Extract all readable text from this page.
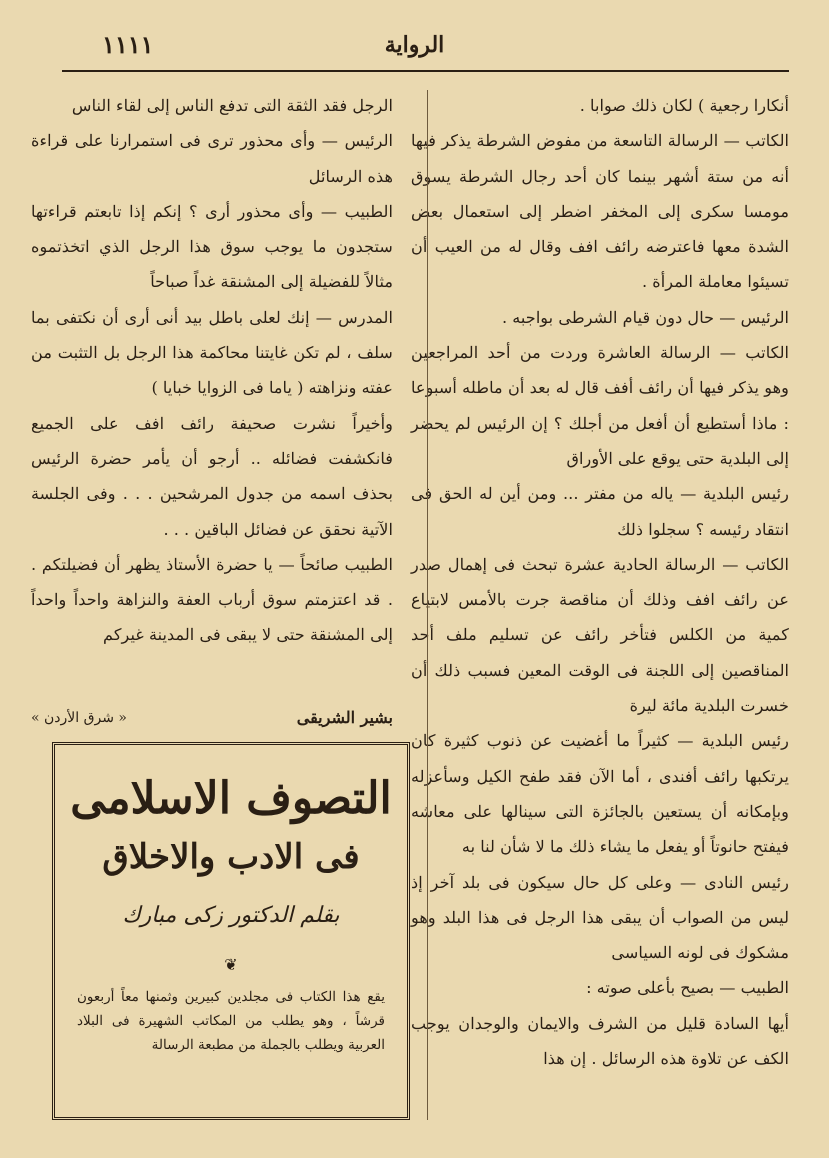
الرواية
١١١١

أنكارا رجعية ) لكان ذلك صوابا .

الكاتب — الرسالة التاسعة من مفوض الشرطة يذكر فيها أنه من ستة أشهر بينما كان أحد رجال الشرطة يسوق مومسا سكرى إلى المخفر اضطر إلى استعمال بعض الشدة معها فاعترضه رائف افف وقال له من العيب أن تسيئوا معاملة المرأة .

الرئيس — حال دون قيام الشرطى بواجبه .

الكاتب — الرسالة العاشرة وردت من أحد المراجعين وهو يذكر فيها أن رائف أفف قال له بعد أن ماطله أسبوعا : ماذا أستطيع أن أفعل من أجلك ؟ إن الرئيس لم يحضر إلى البلدية حتى يوقع على الأوراق

رئيس البلدية — ياله من مفتر ... ومن أين له الحق فى انتقاد رئيسه ؟ سجلوا ذلك

الكاتب — الرسالة الحادية عشرة تبحث فى إهمال صدر عن رائف افف وذلك أن مناقصة جرت بالأمس لابتياع كمية من الكلس فتأخر رائف عن تسليم ملف أحد المناقصين إلى اللجنة فى الوقت المعين فسبب ذلك أن خسرت البلدية مائة ليرة

رئيس البلدية — كثيراً ما أغضيت عن ذنوب كثيرة كان يرتكبها رائف أفندى ، أما الآن فقد طفح الكيل وسأعزله وبإمكانه أن يستعين بالجائزة التى سينالها على معاشه فيفتح حانوتاً أو يفعل ما يشاء ذلك ما لا شأن لنا به

رئيس النادى — وعلى كل حال سيكون فى بلد آخر إذ ليس من الصواب أن يبقى هذا الرجل فى هذا البلد وهو مشكوك فى لونه السياسى

الطبيب — بصيح بأعلى صوته :

أيها السادة قليل من الشرف والايمان والوجدان يوجب الكف عن تلاوة هذه الرسائل . إن هذا

الرجل فقد الثقة التى تدفع الناس إلى لقاء الناس

الرئيس — وأى محذور ترى فى استمرارنا على قراءة هذه الرسائل

الطبيب — وأى محذور أرى ؟ إنكم إذا تابعتم قراءتها ستجدون ما يوجب سوق هذا الرجل الذي اتخذتموه مثالاً للفضيلة إلى المشنقة غداً صباحاً

المدرس — إنك لعلى باطل بيد أنى أرى أن نكتفى بما سلف ، لم تكن غايتنا محاكمة هذا الرجل بل التثبت من عفته ونزاهته ( ياما فى الزوايا خبايا )

وأخيراً نشرت صحيفة رائف افف على الجميع فانكشفت فضائله .. أرجو أن يأمر حضرة الرئيس بحذف اسمه من جدول المرشحين . . . وفى الجلسة الآتية نحقق عن فضائل الباقين . . .

الطبيب صائحاً — يا حضرة الأستاذ يظهر أن فضيلتكم . . قد اعتزمتم سوق أرباب العفة والنزاهة واحداً واحداً إلى المشنقة حتى لا يبقى فى المدينة غيركم

بشير الشريقى
« شرق الأردن »
التصوف الاسلامى
فى الادب والاخلاق
بقلم الدكتور زكى مبارك
❦
يقع هذا الكتاب فى مجلدين كبيرين وثمنها معاً أربعون قرشاً ، وهو يطلب من المكاتب الشهيرة فى البلاد العربية ويطلب بالجملة من مطبعة الرسالة
